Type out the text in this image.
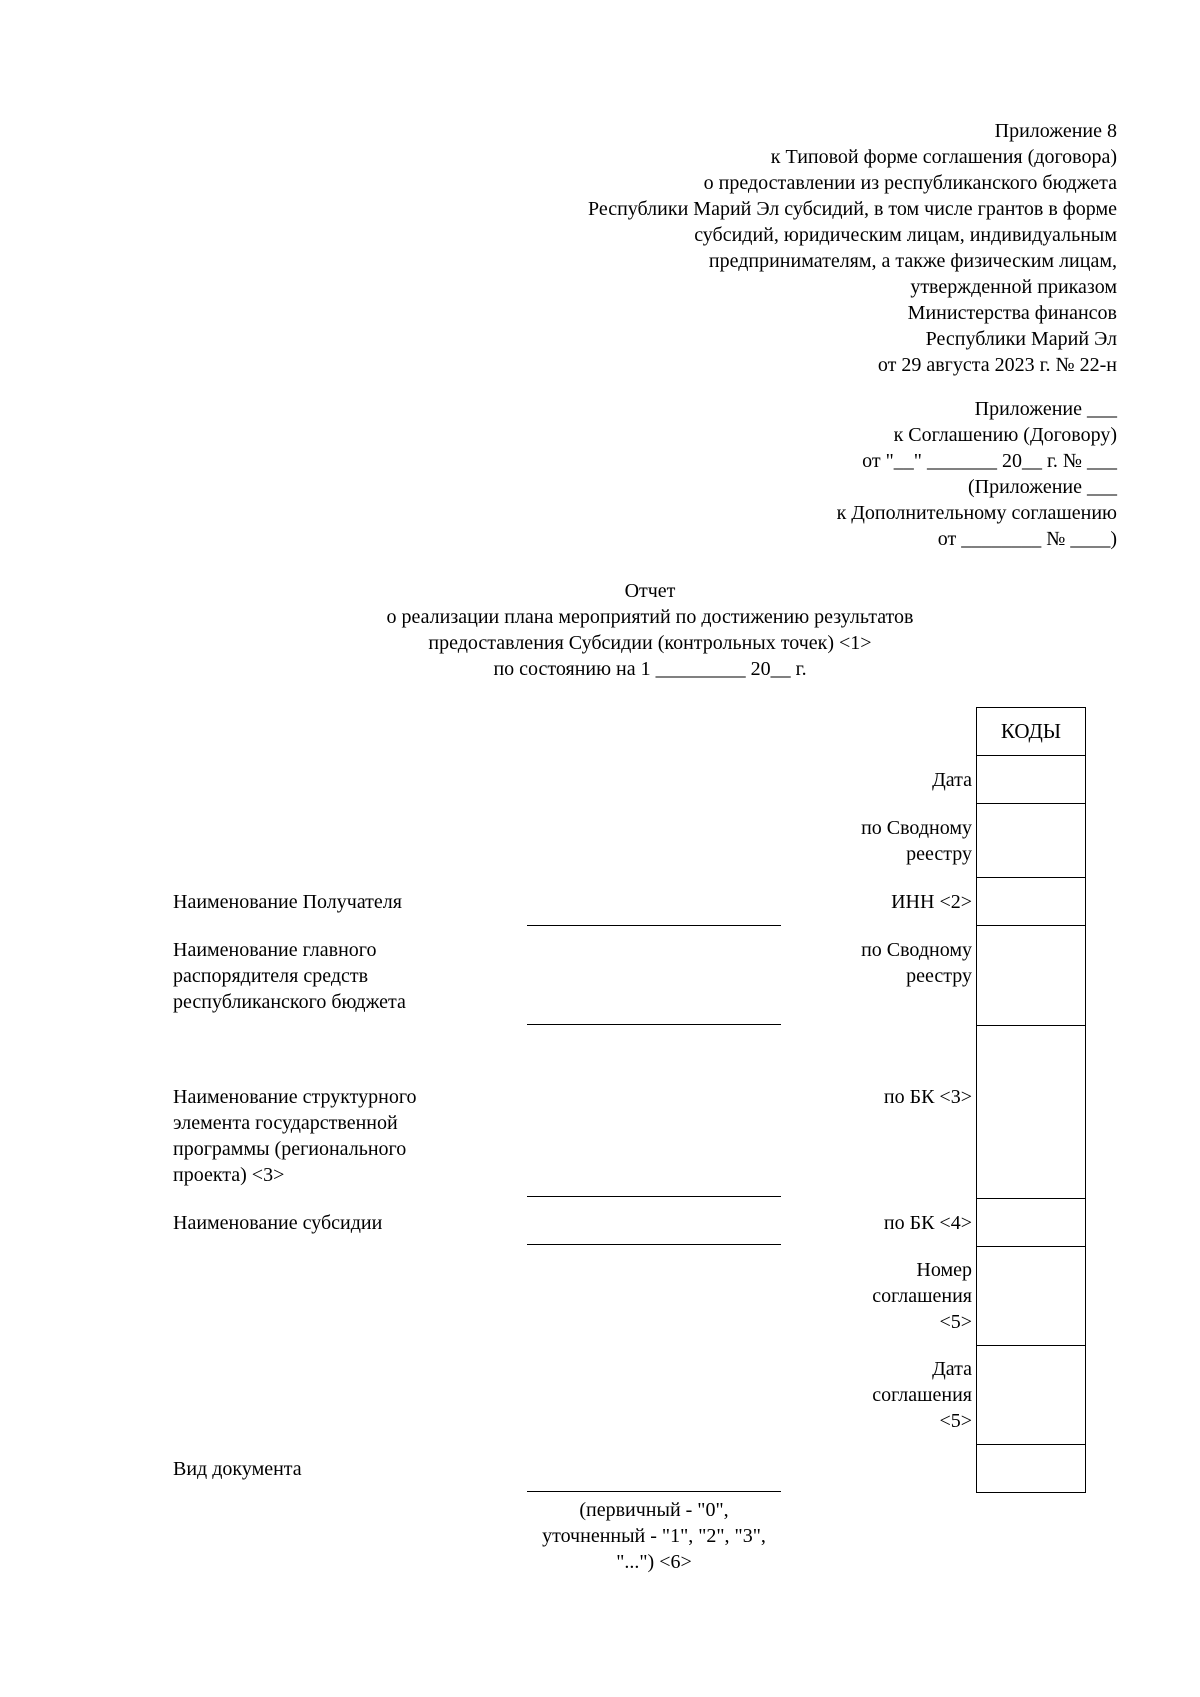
Приложение 8
к Типовой форме соглашения (договора)
о предоставлении из республиканского бюджета
Республики Марий Эл субсидий, в том числе грантов в форме
субсидий, юридическим лицам, индивидуальным
предпринимателям, а также физическим лицам,
утвержденной приказом
Министерства финансов
Республики Марий Эл
от 29 августа 2023 г. № 22-н
Приложение ___
к Соглашению (Договору)
от "__" _______ 20__ г. № ___
(Приложение ___
к Дополнительному соглашению
от ________ № ____)
Отчет
о реализации плана мероприятий по достижению результатов
предоставления Субсидии (контрольных точек) <1>
по состоянию на 1 _________ 20__ г.
КОДЫ
Дата
по Сводному реестру
ИНН <2>
по Сводному реестру
по БК <3>
по БК <4>
Номер соглашения <5>
Дата соглашения <5>
Наименование Получателя
Наименование главного распорядителя средств республиканского бюджета
Наименование структурного элемента государственной программы (регионального проекта) <3>
Наименование субсидии
Вид документа
(первичный - "0", уточненный - "1", "2", "3", "...") <6>
